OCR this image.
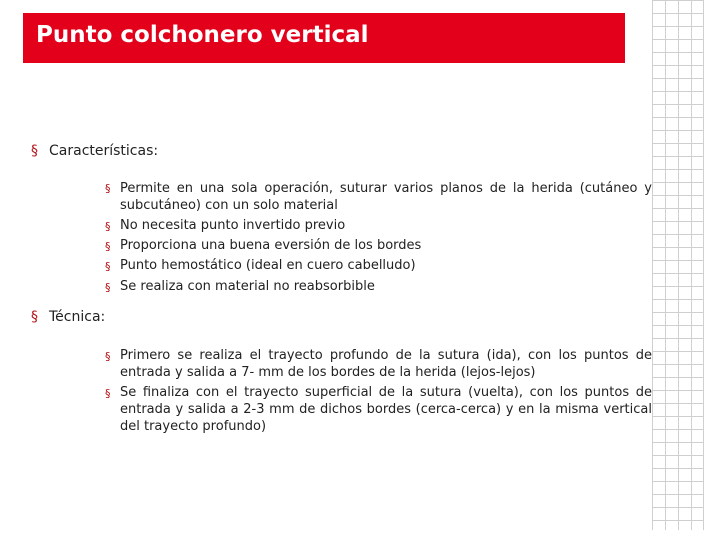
Punto colchonero vertical
§ Características:
§ Permite en una sola operación, suturar varios planos de la herida (cutáneo y subcutáneo) con un solo material
§ No necesita punto invertido previo
§ Proporciona una buena eversión de los bordes
§ Punto hemostático (ideal en cuero cabelludo)
§ Se realiza con material no reabsorbible
§ Técnica:
§ Primero se realiza el trayecto profundo de la sutura (ida), con los puntos de entrada y salida a 7- mm de los bordes de la herida (lejos-lejos)
§ Se finaliza con el trayecto superficial de la sutura (vuelta), con los puntos de entrada y salida a 2-3 mm de dichos bordes (cerca-cerca) y en la misma vertical del trayecto profundo)
